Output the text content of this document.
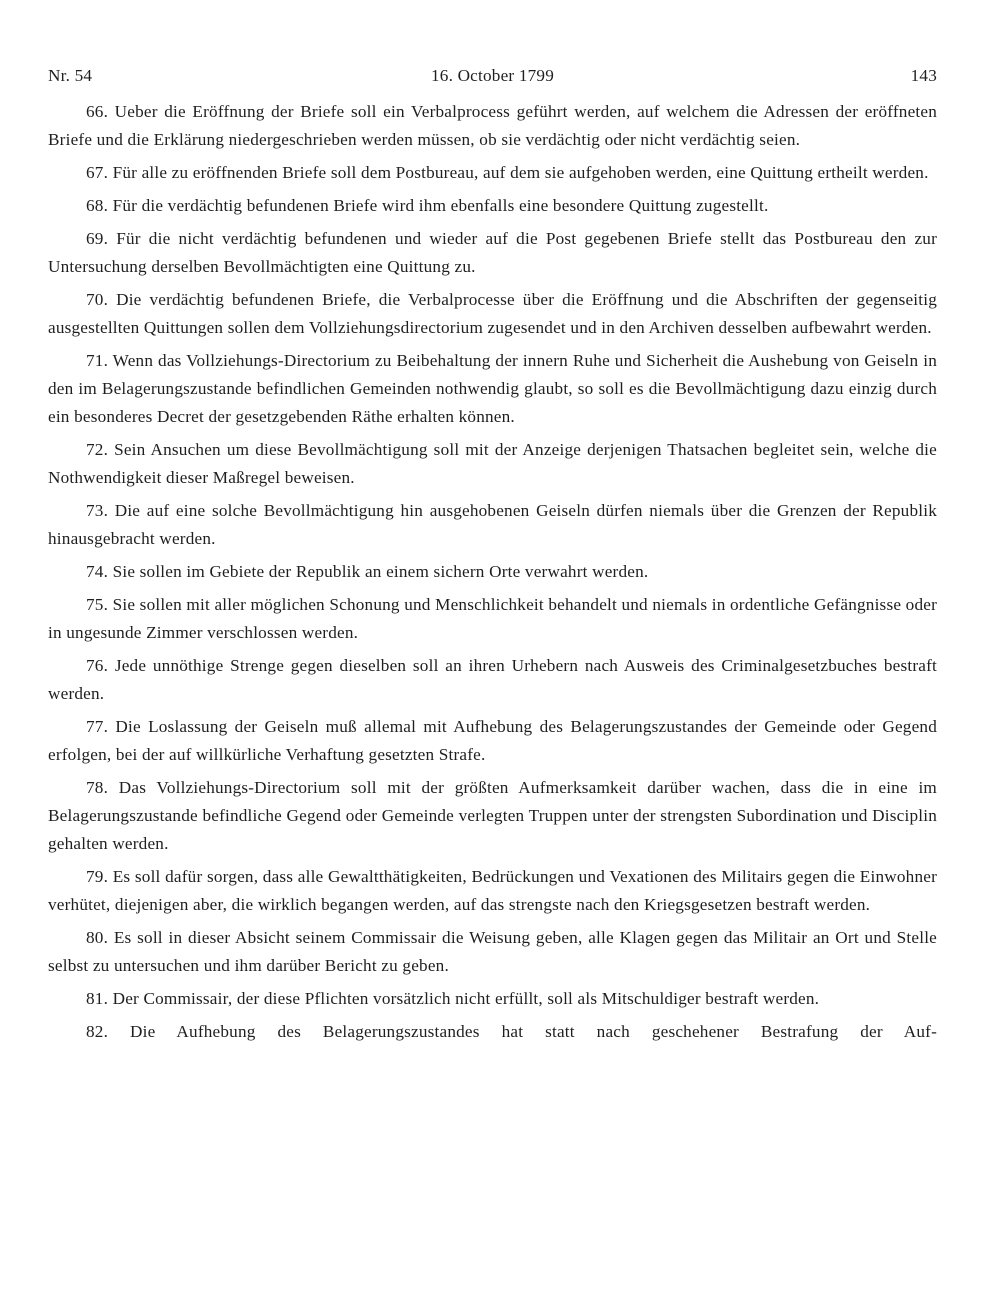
Nr. 54	16. October 1799	143

66. Ueber die Eröffnung der Briefe soll ein Verbalprocess geführt werden, auf welchem die Adressen der eröffneten Briefe und die Erklärung niedergeschrieben werden müssen, ob sie verdächtig oder nicht verdächtig seien.

67. Für alle zu eröffnenden Briefe soll dem Postbureau, auf dem sie aufgehoben werden, eine Quittung ertheilt werden.

68. Für die verdächtig befundenen Briefe wird ihm ebenfalls eine besondere Quittung zugestellt.

69. Für die nicht verdächtig befundenen und wieder auf die Post gegebenen Briefe stellt das Postbureau den zur Untersuchung derselben Bevollmächtigten eine Quittung zu.

70. Die verdächtig befundenen Briefe, die Verbalprocesse über die Eröffnung und die Abschriften der gegenseitig ausgestellten Quittungen sollen dem Vollziehungsdirectorium zugesendet und in den Archiven desselben aufbewahrt werden.

71. Wenn das Vollziehungs-Directorium zu Beibehaltung der innern Ruhe und Sicherheit die Aushebung von Geiseln in den im Belagerungszustande befindlichen Gemeinden nothwendig glaubt, so soll es die Bevollmächtigung dazu einzig durch ein besonderes Decret der gesetzgebenden Räthe erhalten können.

72. Sein Ansuchen um diese Bevollmächtigung soll mit der Anzeige derjenigen Thatsachen begleitet sein, welche die Nothwendigkeit dieser Maßregel beweisen.

73. Die auf eine solche Bevollmächtigung hin ausgehobenen Geiseln dürfen niemals über die Grenzen der Republik hinausgebracht werden.

74. Sie sollen im Gebiete der Republik an einem sichern Orte verwahrt werden.

75. Sie sollen mit aller möglichen Schonung und Menschlichkeit behandelt und niemals in ordentliche Gefängnisse oder in ungesunde Zimmer verschlossen werden.

76. Jede unnöthige Strenge gegen dieselben soll an ihren Urhebern nach Ausweis des Criminalgesetzbuches bestraft werden.

77. Die Loslassung der Geiseln muß allemal mit Aufhebung des Belagerungszustandes der Gemeinde oder Gegend erfolgen, bei der auf willkürliche Verhaftung gesetzten Strafe.

78. Das Vollziehungs-Directorium soll mit der größten Aufmerksamkeit darüber wachen, dass die in eine im Belagerungszustande befindliche Gegend oder Gemeinde verlegten Truppen unter der strengsten Subordination und Disciplin gehalten werden.

79. Es soll dafür sorgen, dass alle Gewaltthätigkeiten, Bedrückungen und Vexationen des Militairs gegen die Einwohner verhütet, diejenigen aber, die wirklich begangen werden, auf das strengste nach den Kriegsgesetzen bestraft werden.

80. Es soll in dieser Absicht seinem Commissair die Weisung geben, alle Klagen gegen das Militair an Ort und Stelle selbst zu untersuchen und ihm darüber Bericht zu geben.

81. Der Commissair, der diese Pflichten vorsätzlich nicht erfüllt, soll als Mitschuldiger bestraft werden.

82. Die Aufhebung des Belagerungszustandes hat statt nach geschehener Bestrafung der Auf-
